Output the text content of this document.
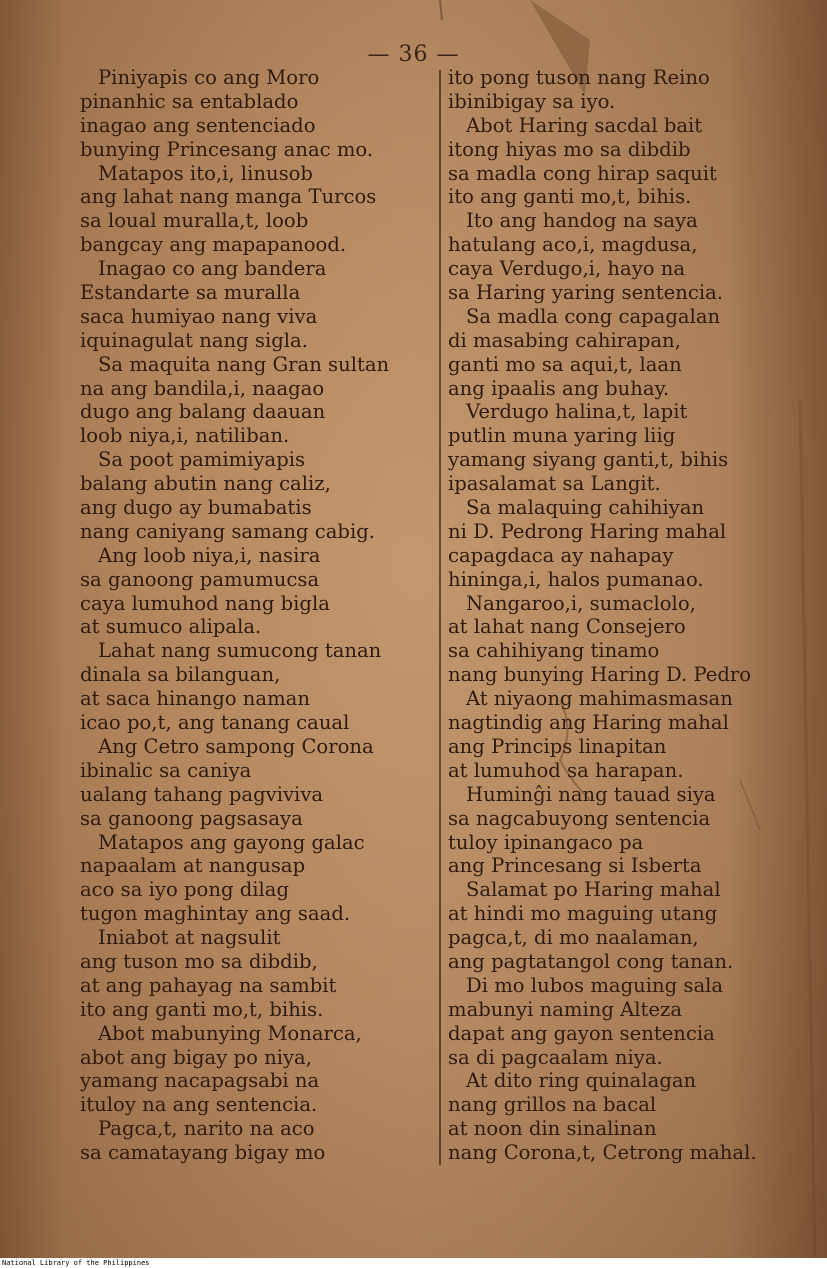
— 36 —
Piniyapis co ang Moro
pinanhic sa entablado
inagao ang sentenciado
bunying Princesang anac mo.
Matapos ito,i, linusob
ang lahat nang manga Turcos
sa loual muralla,t, loob
bangcay ang mapapanood.
Inagao co ang bandera
Estandarte sa muralla
saca humiyao nang viva
iquinagulat nang sigla.
Sa maquita nang Gran sultan
na ang bandila,i, naagao
dugo ang balang daauan
loob niya,i, natiliban.
Sa poot pamimiyapis
balang abutin nang caliz,
ang dugo ay bumabatis
nang caniyang samang cabig.
Ang loob niya,i, nasira
sa ganoong pamumucsa
caya lumuhod nang bigla
at sumuco alipala.
Lahat nang sumucong tanan
dinala sa bilanguan,
at saca hinango naman
icao po,t, ang tanang caual
Ang Cetro sampong Corona
ibinalic sa caniya
ualang tahang pagviviva
sa ganoong pagsasaya
Matapos ang gayong galac
napaalam at nangusap
aco sa iyo pong dilag
tugon maghintay ang saad.
Iniabot at nagsulit
ang tuson mo sa dibdib,
at ang pahayag na sambit
ito ang ganti mo,t, bihis.
Abot mabunying Monarca,
abot ang bigay po niya,
yamang nacapagsabi na
ituloy na ang sentencia.
Pagca,t, narito na aco
sa camatayang bigay mo
ito pong tuson nang Reino
ibinibigay sa iyo.
Abot Haring sacdal bait
itong hiyas mo sa dibdib
sa madla cong hirap saquit
ito ang ganti mo,t, bihis.
Ito ang handog na saya
hatulang aco,i, magdusa,
caya Verdugo,i, hayo na
sa Haring yaring sentencia.
Sa madla cong capagalan
di masabing cahirapan,
ganti mo sa aqui,t, laan
ang ipaalis ang buhay.
Verdugo halina,t, lapit
putlin muna yaring liig
yamang siyang ganti,t, bihis
ipasalamat sa Langit.
Sa malaquing cahihiyan
ni D. Pedrong Haring mahal
capagdaca ay nahapay
hininga,i, halos pumanao.
Nangaroo,i, sumaclolo,
at lahat nang Consejero
sa cahihiyang tinamo
nang bunying Haring D. Pedro
At niyaong mahimasmasan
nagtindig ang Haring mahal
ang Princips linapitan
at lumuhod sa harapan.
Huminĝi nang tauad siya
sa nagcabuyong sentencia
tuloy ipinangaco pa
ang Princesang si Isberta
Salamat po Haring mahal
at hindi mo maguing utang
pagca,t, di mo naalaman,
ang pagtatangol cong tanan.
Di mo lubos maguing sala
mabunyi naming Alteza
dapat ang gayon sentencia
sa di pagcaalam niya.
At dito ring quinalagan
nang grillos na bacal
at noon din sinalinan
nang Corona,t, Cetrong mahal.
National Library of the Philippines
